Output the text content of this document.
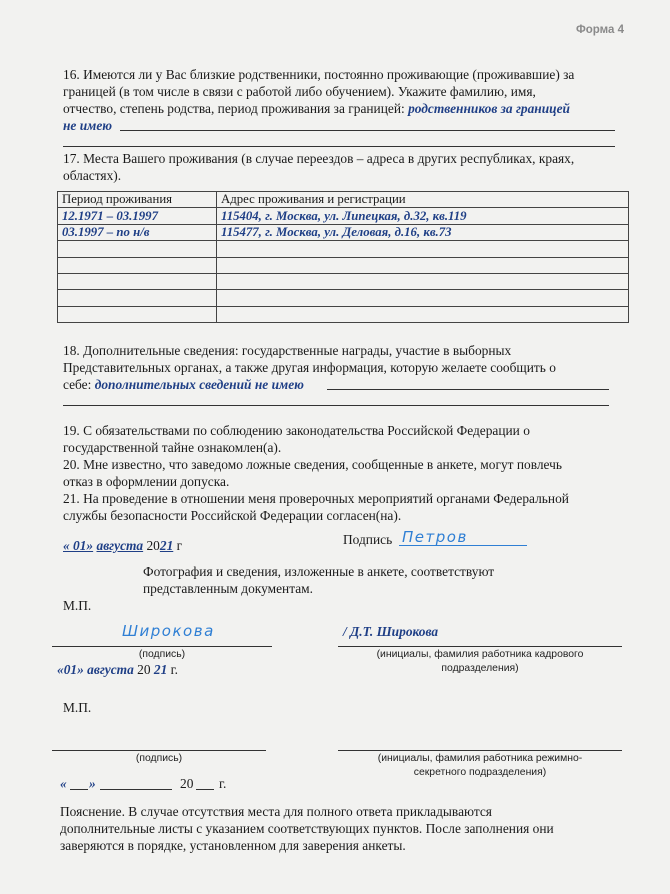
Форма 4
16. Имеются ли у Вас близкие родственники, постоянно проживающие (проживавшие) за
границей (в том числе в связи с работой либо обучением). Укажите фамилию, имя,
отчество, степень родства, период проживания за границей: родственников за границей
не имею
17. Места Вашего проживания (в случае переездов – адреса в других республиках, краях,
областях).
Период проживания	Адрес проживания и регистрации
12.1971 – 03.1997	115404, г. Москва, ул. Липецкая, д.32, кв.119
03.1997 – по н/в	115477, г. Москва, ул. Деловая, д.16, кв.73

18. Дополнительные сведения: государственные награды, участие в выборных
Представительных органах, а также другая информация, которую желаете сообщить о
себе: дополнительных сведений не имею
19. С обязательствами по соблюдению законодательства Российской Федерации о
государственной тайне ознакомлен(а).
20. Мне известно, что заведомо ложные сведения, сообщенные в анкете, могут повлечь
отказ в оформлении допуска.
21. На проведение в отношении меня проверочных мероприятий органами Федеральной
службы безопасности Российской Федерации согласен(на).
« 01» августа 2021 г	Подпись Петров
Фотография и сведения, изложенные в анкете, соответствуют
представленным документам.
М.П.
Широкова
(подпись)
/ Д.Т. Широкова
(инициалы, фамилия работника кадрового
подразделения)
«01» августа 20 21 г.
М.П.
(подпись)	(инициалы, фамилия работника режимно-
секретного подразделения)
« »	20 г.
Пояснение. В случае отсутствия места для полного ответа прикладываются
дополнительные листы с указанием соответствующих пунктов. После заполнения они
заверяются в порядке, установленном для заверения анкеты.
